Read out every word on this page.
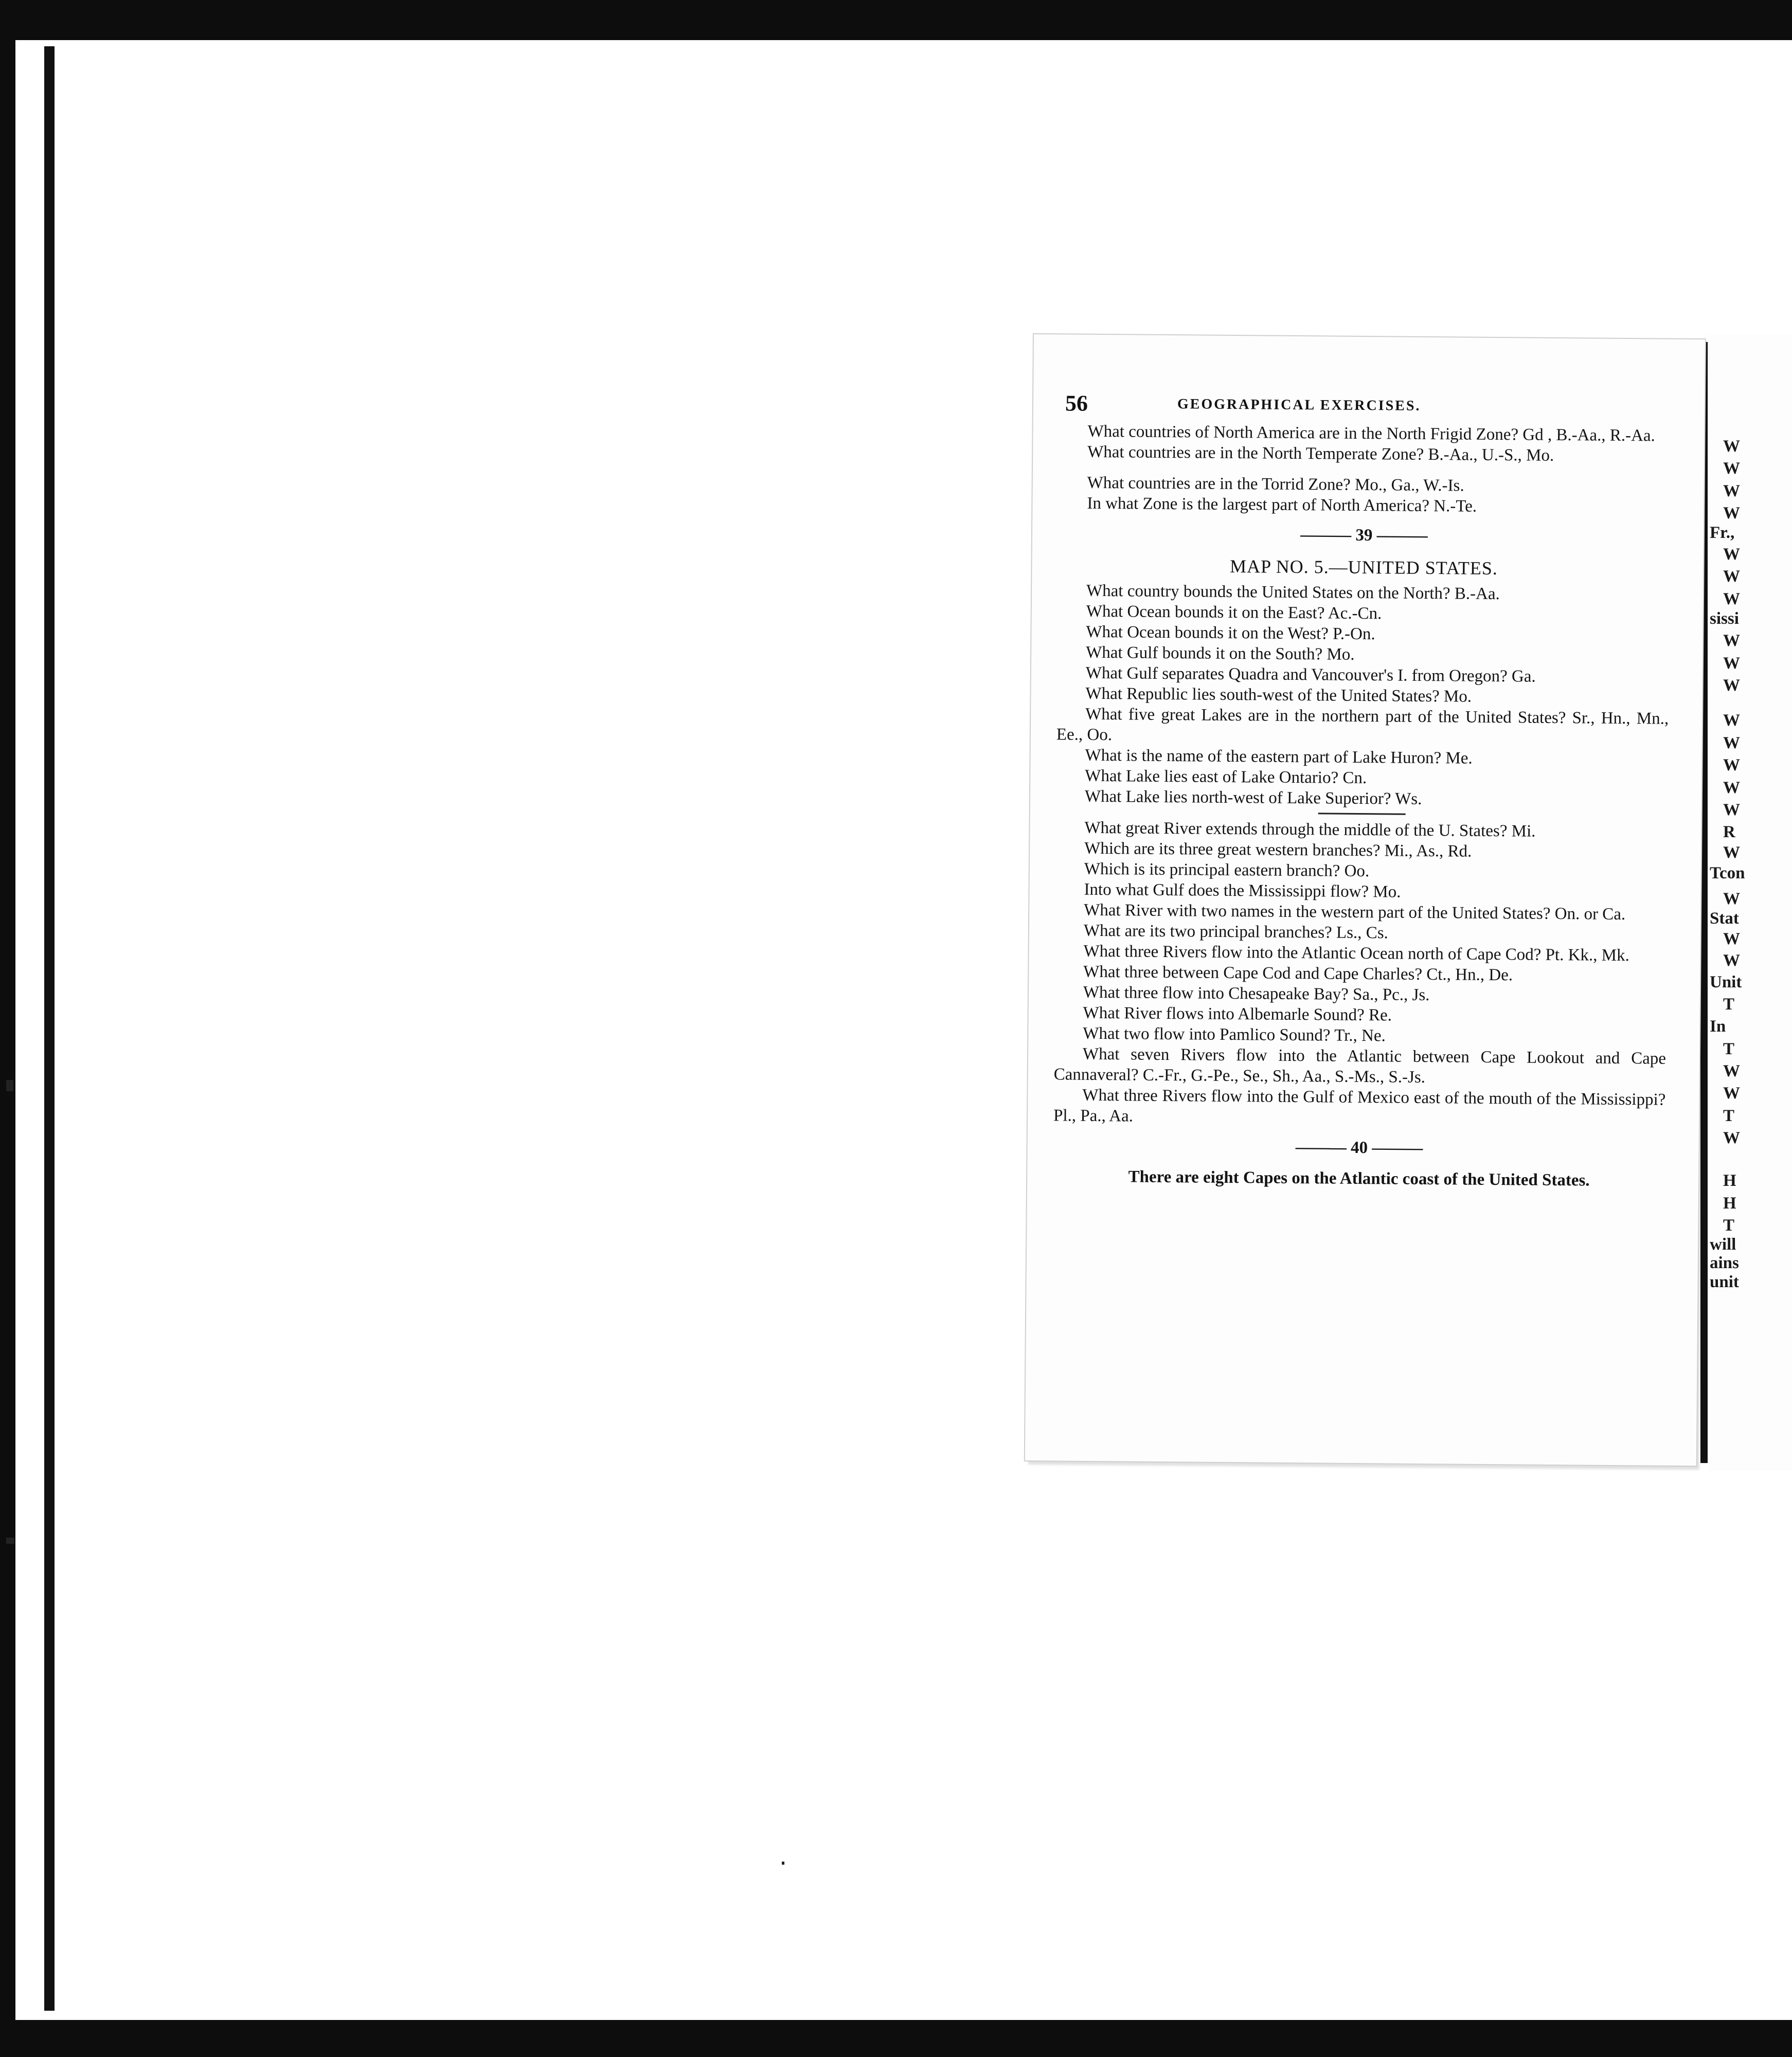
W
W
W
W
Fr.,
W
W
W
sissi
W
W
W
W
W
W
W
W
R
W
Tcon
W
Stat
W
W
Unit
T
In
T
W
W
T
W
H
H
T
will
ains
unit
56	GEOGRAPHICAL EXERCISES.

What countries of North America are in the North Frigid Zone? Gd , B.-Aa., R.-Aa.

What countries are in the North Temperate Zone? B.-Aa., U.-S., Mo.

What countries are in the Torrid Zone? Mo., Ga., W.-Is.

In what Zone is the largest part of North America? N.-Te.

——— 39 ———
MAP NO. 5.—UNITED STATES.

What country bounds the United States on the North? B.-Aa.

What Ocean bounds it on the East? Ac.-Cn.

What Ocean bounds it on the West? P.-On.

What Gulf bounds it on the South? Mo.

What Gulf separates Quadra and Vancouver's I. from Oregon? Ga.

What Republic lies south-west of the United States? Mo.

What five great Lakes are in the northern part of the United States? Sr., Hn., Mn., Ee., Oo.

What is the name of the eastern part of Lake Huron? Me.

What Lake lies east of Lake Ontario? Cn.

What Lake lies north-west of Lake Superior? Ws.

What great River extends through the middle of the U. States? Mi.

Which are its three great western branches? Mi., As., Rd.

Which is its principal eastern branch? Oo.

Into what Gulf does the Mississippi flow? Mo.

What River with two names in the western part of the United States? On. or Ca.

What are its two principal branches? Ls., Cs.

What three Rivers flow into the Atlantic Ocean north of Cape Cod? Pt. Kk., Mk.

What three between Cape Cod and Cape Charles? Ct., Hn., De.

What three flow into Chesapeake Bay? Sa., Pc., Js.

What River flows into Albemarle Sound? Re.

What two flow into Pamlico Sound? Tr., Ne.

What seven Rivers flow into the Atlantic between Cape Lookout and Cape Cannaveral? C.-Fr., G.-Pe., Se., Sh., Aa., S.-Ms., S.-Js.

What three Rivers flow into the Gulf of Mexico east of the mouth of the Mississippi? Pl., Pa., Aa.

——— 40 ———

There are eight Capes on the Atlantic coast of the United States.
